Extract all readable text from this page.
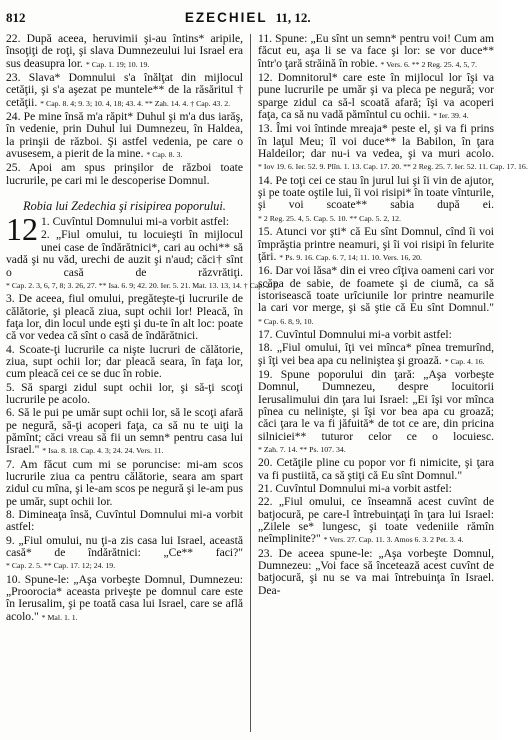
812	EZECHIEL 11, 12.

22. După aceea, heruvimii şi-au întins* aripile, însoţiţi de roţi, şi slava Dumnezeului lui Israel era sus deasupra lor. * Cap. 1. 19; 10. 19.

23. Slava* Domnului s'a înălţat din mijlocul cetăţii, şi s'a aşezat pe muntele** de la răsăritul † cetăţii. * Cap. 8. 4; 9. 3; 10. 4, 18; 43. 4. ** Zah. 14. 4. † Cap. 43. 2.

24. Pe mine însă m'a răpit* Duhul şi m'a dus iarăş, în vedenie, prin Duhul lui Dumnezeu, în Haldea, la prinşii de război. Şi astfel vedenia, pe care o avusesem, a pierit de la mine. * Cap. 8. 3.

25. Apoi am spus prinşilor de război toate lucrurile, pe cari mi le descoperise Domnul.

Robia lui Zedechia şi risipirea poporului.

12 1. Cuvîntul Domnului mi-a vorbit astfel:

2. „Fiul omului, tu locuieşti în mijlocul unei case de îndărătnici*, cari au ochi** să vadă şi nu văd, urechi de auzit şi n'aud; căci† sînt o casă de răzvrătiţi. * Cap. 2. 3, 6, 7, 8; 3. 26, 27. ** Isa. 6. 9; 42. 20. Ier. 5. 21. Mat. 13. 13, 14. † Cap. 2. 5.

3. De aceea, fiul omului, pregăteşte-ţi lucrurile de călătorie, şi pleacă ziua, supt ochii lor! Pleacă, în faţa lor, din locul unde eşti şi du-te în alt loc: poate că vor vedea că sînt o casă de îndărătnici.

4. Scoate-ţi lucrurile ca nişte lucruri de călătorie, ziua, supt ochii lor; dar pleacă seara, în faţa lor, cum pleacă cei ce se duc în robie.

5. Să spargi zidul supt ochii lor, şi să-ţi scoţi lucrurile pe acolo.

6. Să le pui pe umăr supt ochii lor, să le scoţi afară pe negură, să-ţi acoperi faţa, ca să nu te uiţi la pămînt; căci vreau să fii un semn* pentru casa lui Israel." * Isa. 8. 18. Cap. 4. 3; 24. 24. Vers. 11.

7. Am făcut cum mi se poruncise: mi-am scos lucrurile ziua ca pentru călătorie, seara am spart zidul cu mîna, şi le-am scos pe negură şi le-am pus pe umăr, supt ochii lor.

8. Dimineaţa însă, Cuvîntul Domnului mi-a vorbit astfel:

9. „Fiul omului, nu ţi-a zis casa lui Israel, această casă* de îndărătnici: „Ce** faci?" * Cap. 2. 5. ** Cap. 17. 12; 24. 19.

10. Spune-le: „Aşa vorbeşte Domnul, Dumnezeu: „Proorocia* aceasta priveşte pe domnul care este în Ierusalim, şi pe toată casa lui Israel, care se află acolo." * Mal. 1. 1.

11. Spune: „Eu sînt un semn* pentru voi! Cum am făcut eu, aşa li se va face şi lor: se vor duce** într'o ţară străină în robie. * Vers. 6. ** 2 Reg. 25. 4, 5, 7.

12. Domnitorul* care este în mijlocul lor îşi va pune lucrurile pe umăr şi va pleca pe negură; vor sparge zidul ca să-l scoată afară; îşi va acoperi faţa, ca să nu vadă pămîntul cu ochii. * Ier. 39. 4.

13. Îmi voi întinde mreaja* peste el, şi va fi prins în laţul Meu; îl voi duce** la Babilon, în ţara Haldeilor; dar nu-i va vedea, şi va muri acolo. * Iov 19. 6. Ier. 52. 9. Plîn. 1. 13. Cap. 17. 20. ** 2 Reg. 25. 7. Ier. 52. 11. Cap. 17. 16.

14. Pe toţi cei ce stau în jurul lui şi îi vin de ajutor, şi pe toate oştile lui, îi voi risipi* în toate vînturile, şi voi scoate** sabia după ei. * 2 Reg. 25. 4, 5. Cap. 5. 10. ** Cap. 5. 2, 12.

15. Atunci vor şti* că Eu sînt Domnul, cînd îi voi împrăştia printre neamuri, şi îi voi risipi în felurite ţări. * Ps. 9. 16. Cap. 6. 7, 14; 11. 10. Vers. 16, 20.

16. Dar voi lăsa* din ei vreo cîţiva oameni cari vor scăpa de sabie, de foamete şi de ciumă, ca să istorisească toate urîciunile lor printre neamurile la cari vor merge, şi să ştie că Eu sînt Domnul." * Cap. 6. 8, 9, 10.

17. Cuvîntul Domnului mi-a vorbit astfel:

18. „Fiul omului, îţi vei mînca* pînea tremurînd, şi îţi vei bea apa cu neliniştea şi groază. * Cap. 4. 16.

19. Spune poporului din ţară: „Aşa vorbeşte Domnul, Dumnezeu, despre locuitorii Ierusalimului din ţara lui Israel: „Ei îşi vor mînca pînea cu nelinişte, şi îşi vor bea apa cu groază; căci ţara le va fi jăfuită* de tot ce are, din pricina silniciei** tuturor celor ce o locuiesc. * Zah. 7. 14. ** Ps. 107. 34.

20. Cetăţile pline cu popor vor fi nimicite, şi ţara va fi pustiită, ca să ştiţi că Eu sînt Domnul."

21. Cuvîntul Domnului mi-a vorbit astfel:

22. „Fiul omului, ce înseamnă acest cuvînt de batjocură, pe care-l întrebuinţaţi în ţara lui Israel: „Zilele se* lungesc, şi toate vedeniile rămîn neîmplinite?" * Vers. 27. Cap. 11. 3. Amos 6. 3. 2 Pet. 3. 4.

23. De aceea spune-le: „Aşa vorbeşte Domnul, Dumnezeu: „Voi face să încetează acest cuvînt de batjocură, şi nu se va mai întrebuinţa în Israel. Dea-
